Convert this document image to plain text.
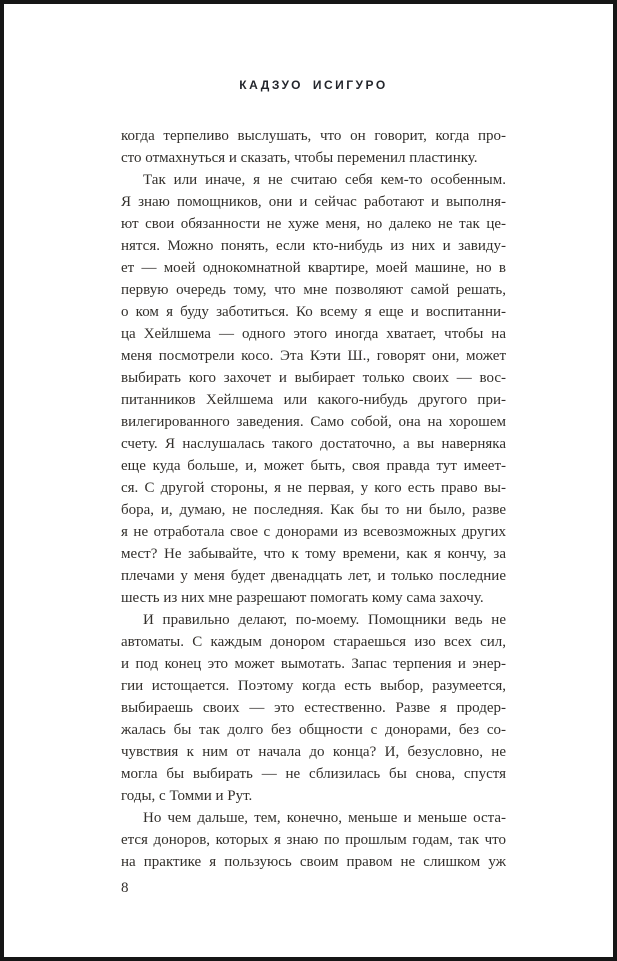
КАДЗУО ИСИГУРО
когда терпеливо выслушать, что он говорит, когда про-
сто отмахнуться и сказать, чтобы переменил пластинку.
Так или иначе, я не считаю себя кем-то особенным.
Я знаю помощников, они и сейчас работают и выполня-
ют свои обязанности не хуже меня, но далеко не так це-
нятся. Можно понять, если кто-нибудь из них и завиду-
ет — моей однокомнатной квартире, моей машине, но в
первую очередь тому, что мне позволяют самой решать,
о ком я буду заботиться. Ко всему я еще и воспитанни-
ца Хейлшема — одного этого иногда хватает, чтобы на
меня посмотрели косо. Эта Кэти Ш., говорят они, может
выбирать кого захочет и выбирает только своих — вос-
питанников Хейлшема или какого-нибудь другого при-
вилегированного заведения. Само собой, она на хорошем
счету. Я наслушалась такого достаточно, а вы наверняка
еще куда больше, и, может быть, своя правда тут имеет-
ся. С другой стороны, я не первая, у кого есть право вы-
бора, и, думаю, не последняя. Как бы то ни было, разве
я не отработала свое с донорами из всевозможных других
мест? Не забывайте, что к тому времени, как я кончу, за
плечами у меня будет двенадцать лет, и только последние
шесть из них мне разрешают помогать кому сама захочу.
И правильно делают, по-моему. Помощники ведь не
автоматы. С каждым донором стараешься изо всех сил,
и под конец это может вымотать. Запас терпения и энер-
гии истощается. Поэтому когда есть выбор, разумеется,
выбираешь своих — это естественно. Разве я продер-
жалась бы так долго без общности с донорами, без со-
чувствия к ним от начала до конца? И, безусловно, не
могла бы выбирать — не сблизилась бы снова, спустя
годы, с Томми и Рут.
Но чем дальше, тем, конечно, меньше и меньше оста-
ется доноров, которых я знаю по прошлым годам, так что
на практике я пользуюсь своим правом не слишком уж
8
